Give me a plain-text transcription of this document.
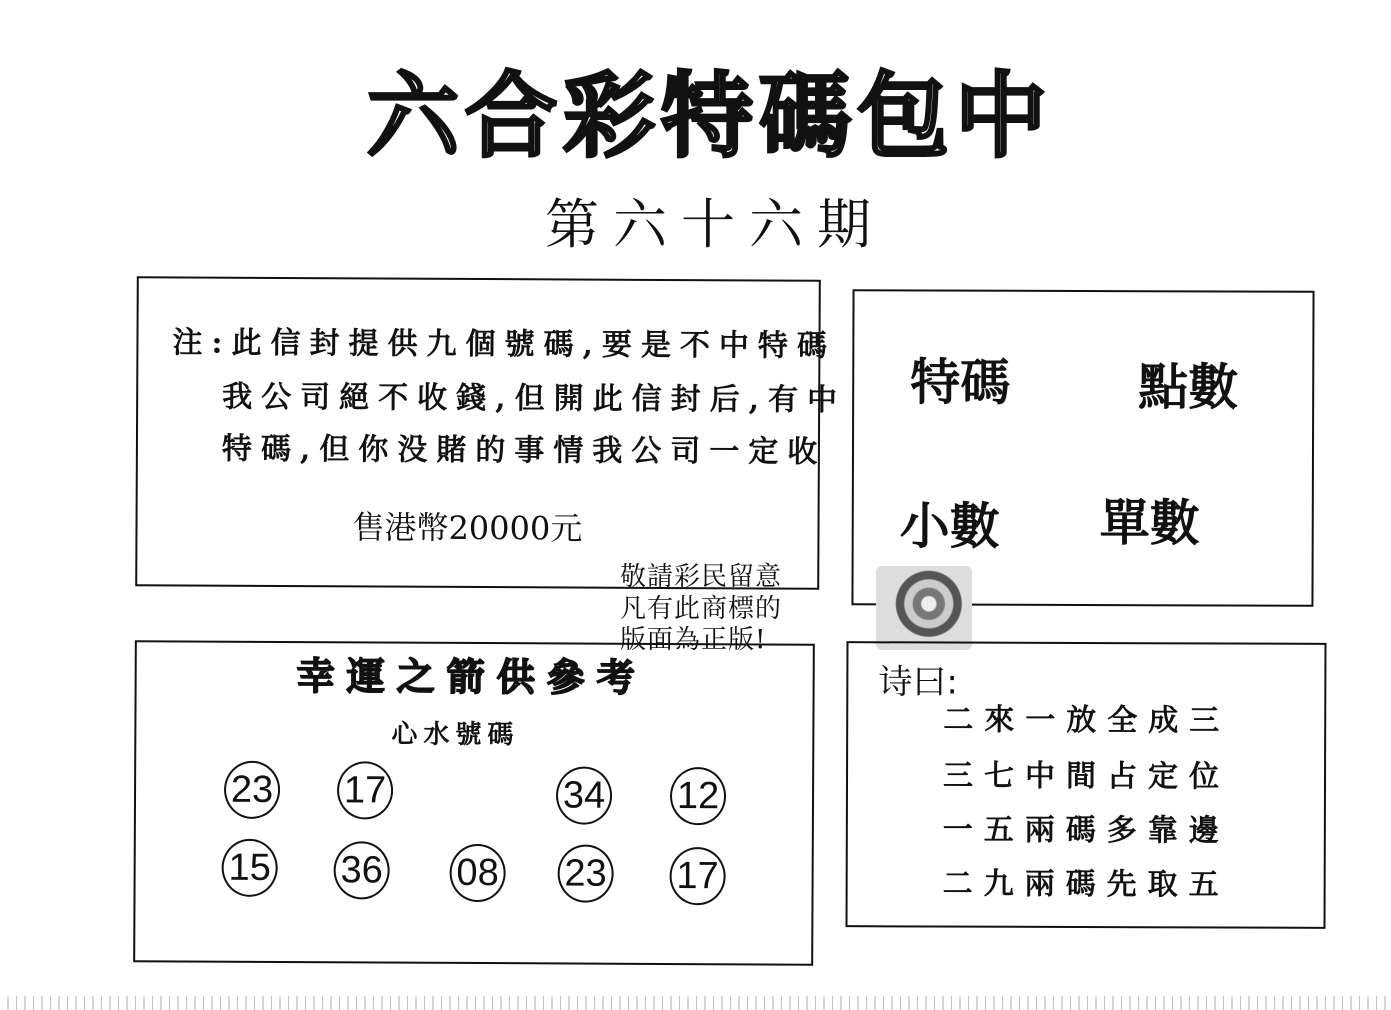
六合彩特碼包中
第六十六期
注:此信封提供九個號碼,要是不中特碼
我公司絕不收錢,但開此信封后,有中
特碼,但你没賭的事情我公司一定收
售港幣20000元
特碼	點數
小數 單數
敬請彩民留意
凡有此商標的
版面為正版!
幸運之箭供參考
心水號碼
23 17	34 12
15 36 08 23 17
诗曰:
二來一放全成三
三七中間占定位
一五兩碼多靠邊
二九兩碼先取五
